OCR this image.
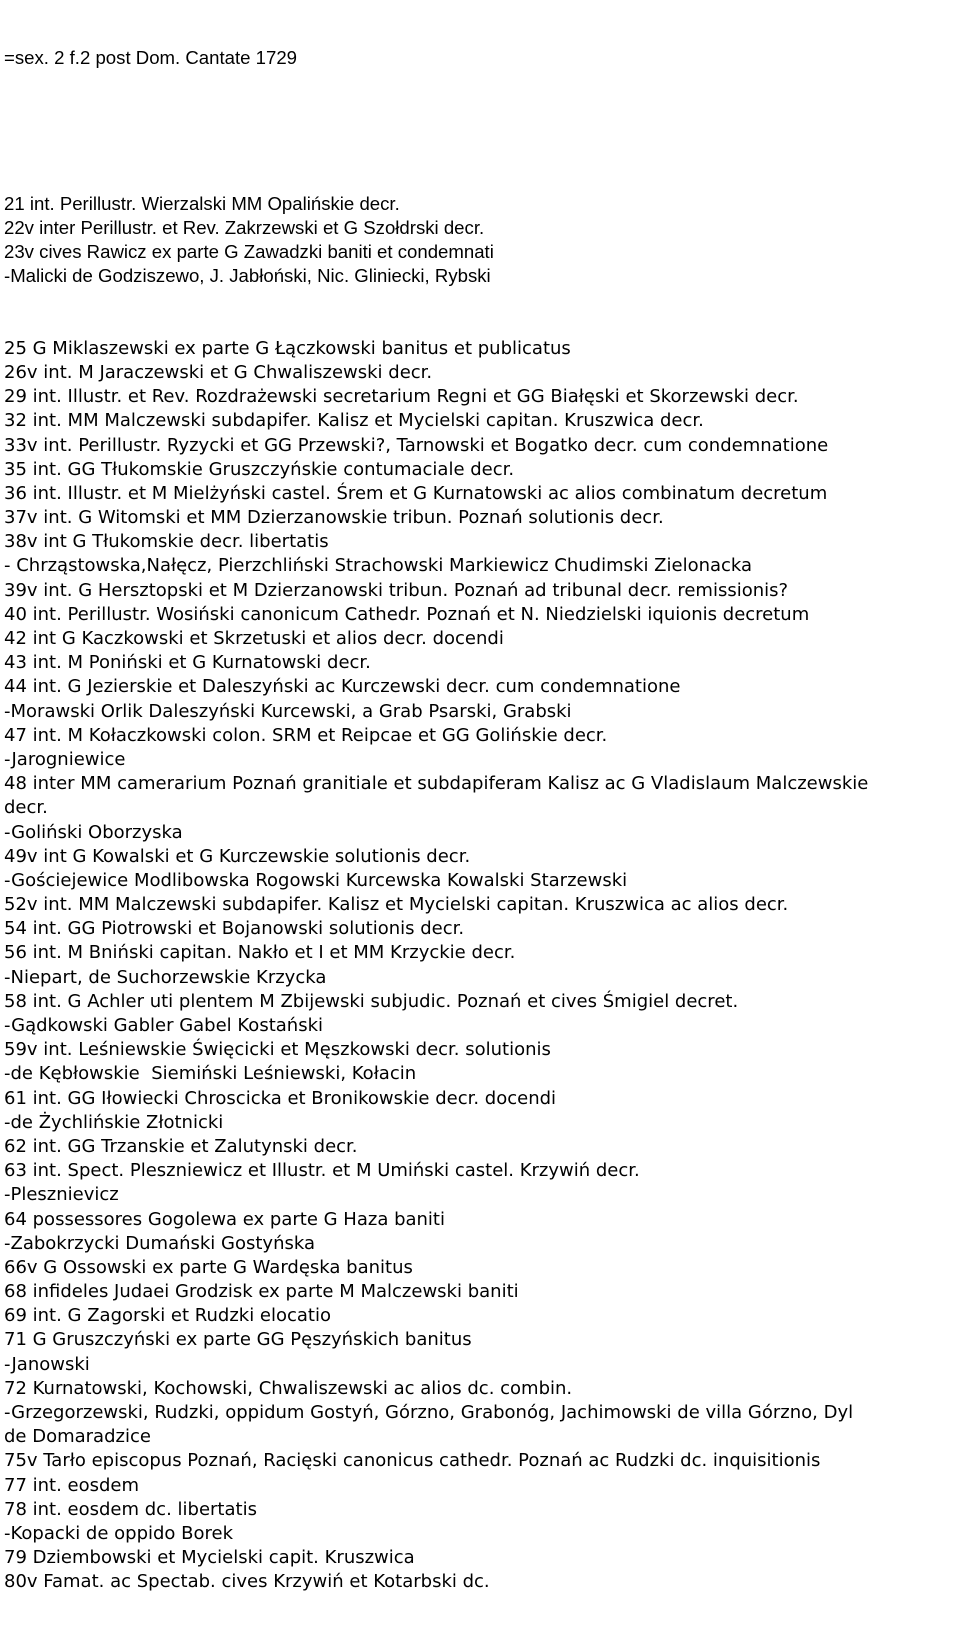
=sex. 2 f.2 post Dom. Cantate 1729

21 int. Perillustr. Wierzalski MM Opalińskie decr.
22v inter Perillustr. et Rev. Zakrzewski et G Szołdrski decr.
23v cives Rawicz ex parte G Zawadzki baniti et condemnati
-Malicki de Godziszewo, J. Jabłoński, Nic. Gliniecki, Rybski

25 G Miklaszewski ex parte G Łączkowski banitus et publicatus
26v int. M Jaraczewski et G Chwaliszewski decr.
29 int. Illustr. et Rev. Rozdrażewski secretarium Regni et GG Białęski et Skorzewski decr.
32 int. MM Malczewski subdapifer. Kalisz et Mycielski capitan. Kruszwica decr.
33v int. Perillustr. Ryzycki et GG Przewski?, Tarnowski et Bogatko decr. cum condemnatione
35 int. GG Tłukomskie Gruszczyńskie contumaciale decr.
36 int. Illustr. et M Mielżyński castel. Śrem et G Kurnatowski ac alios combinatum decretum
37v int. G Witomski et MM Dzierzanowskie tribun. Poznań solutionis decr.
38v int G Tłukomskie decr. libertatis
- Chrząstowska,Nałęcz, Pierzchliński Strachowski Markiewicz Chudimski Zielonacka
39v int. G Hersztopski et M Dzierzanowski tribun. Poznań ad tribunal decr. remissionis?
40 int. Perillustr. Wosiński canonicum Cathedr. Poznań et N. Niedzielski iquionis decretum
42 int G Kaczkowski et Skrzetuski et alios decr. docendi
43 int. M Poniński et G Kurnatowski decr.
44 int. G Jezierskie et Daleszyński ac Kurczewski decr. cum condemnatione
-Morawski Orlik Daleszyński Kurcewski, a Grab Psarski, Grabski
47 int. M Kołaczkowski colon. SRM et Reipcae et GG Golińskie decr.
-Jarogniewice
48 inter MM camerarium Poznań granitiale et subdapiferam Kalisz ac G Vladislaum Malczewskie
decr.
-Goliński Oborzyska
49v int G Kowalski et G Kurczewskie solutionis decr.
-Gościejewice Modlibowska Rogowski Kurcewska Kowalski Starzewski
52v int. MM Malczewski subdapifer. Kalisz et Mycielski capitan. Kruszwica ac alios decr.
54 int. GG Piotrowski et Bojanowski solutionis decr.
56 int. M Bniński capitan. Nakło et I et MM Krzyckie decr.
-Niepart, de Suchorzewskie Krzycka
58 int. G Achler uti plentem M Zbijewski subjudic. Poznań et cives Śmigiel decret.
-Gądkowski Gabler Gabel Kostański
59v int. Leśniewskie Święcicki et Męszkowski decr. solutionis
-de Kębłowskie  Siemiński Leśniewski, Kołacin
61 int. GG Iłowiecki Chroscicka et Bronikowskie decr. docendi
-de Żychlińskie Złotnicki
62 int. GG Trzanskie et Zalutynski decr.
63 int. Spect. Pleszniewicz et Illustr. et M Umiński castel. Krzywiń decr.
-Plesznievicz
64 possessores Gogolewa ex parte G Haza baniti
-Zabokrzycki Dumański Gostyńska
66v G Ossowski ex parte G Wardęska banitus
68 infideles Judaei Grodzisk ex parte M Malczewski baniti
69 int. G Zagorski et Rudzki elocatio
71 G Gruszczyński ex parte GG Pęszyńskich banitus
-Janowski
72 Kurnatowski, Kochowski, Chwaliszewski ac alios dc. combin.
-Grzegorzewski, Rudzki, oppidum Gostyń, Górzno, Grabonóg, Jachimowski de villa Górzno, Dyl
de Domaradzice
75v Tarło episcopus Poznań, Racięski canonicus cathedr. Poznań ac Rudzki dc. inquisitionis
77 int. eosdem
78 int. eosdem dc. libertatis
-Kopacki de oppido Borek
79 Dziembowski et Mycielski capit. Kruszwica
80v Famat. ac Spectab. cives Krzywiń et Kotarbski dc.
